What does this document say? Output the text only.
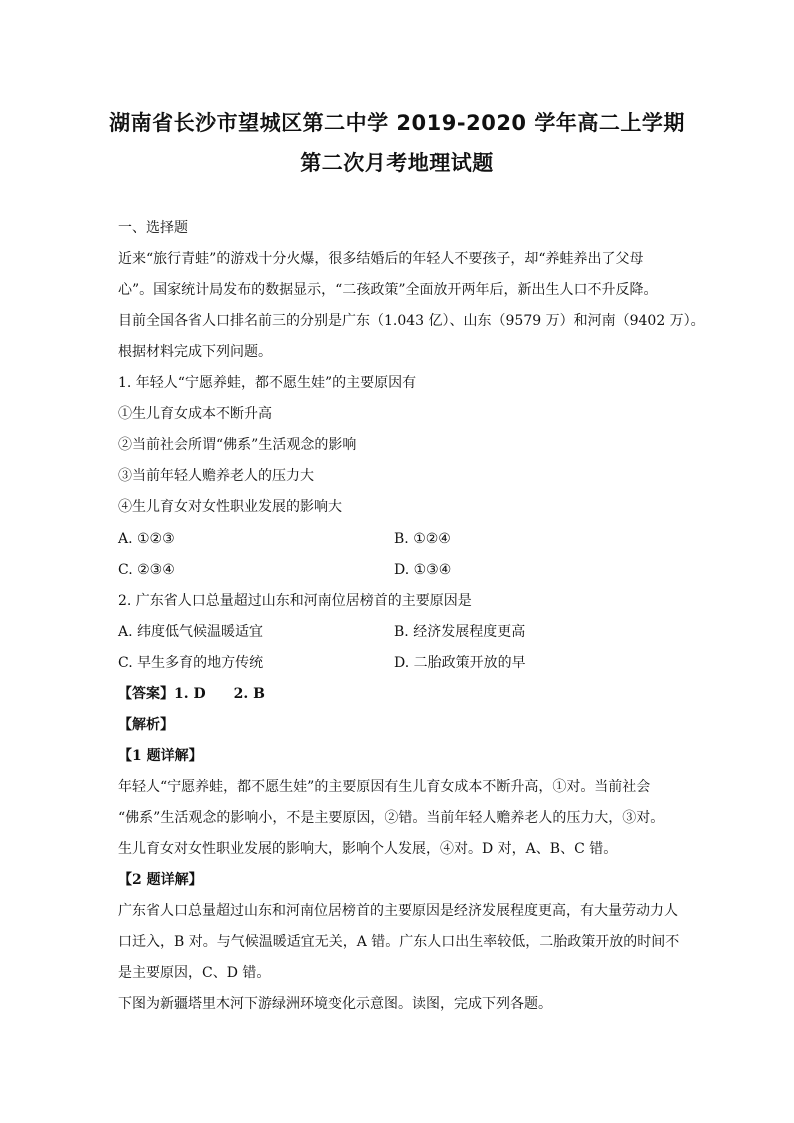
湖南省长沙市望城区第二中学 2019-2020 学年高二上学期
第二次月考地理试题
一、选择题
近来“旅行青蛙”的游戏十分火爆，很多结婚后的年轻人不要孩子，却“养蛙养出了父母
心”。国家统计局发布的数据显示，“二孩政策”全面放开两年后，新出生人口不升反降。
目前全国各省人口排名前三的分别是广东（1.043 亿）、山东（9579 万）和河南（9402 万）。
根据材料完成下列问题。
1. 年轻人“宁愿养蛙，都不愿生娃”的主要原因有
①生儿育女成本不断升高
②当前社会所谓“佛系”生活观念的影响
③当前年轻人赡养老人的压力大
④生儿育女对女性职业发展的影响大
A. ①②③	B. ①②④
C. ②③④	D. ①③④
2. 广东省人口总量超过山东和河南位居榜首的主要原因是
A. 纬度低气候温暖适宜	B. 经济发展程度更高
C. 早生多育的地方传统	D. 二胎政策开放的早
【答案】1. D　　2. B
【解析】
【1 题详解】
年轻人“宁愿养蛙，都不愿生娃”的主要原因有生儿育女成本不断升高，①对。当前社会
“佛系”生活观念的影响小，不是主要原因，②错。当前年轻人赡养老人的压力大，③对。
生儿育女对女性职业发展的影响大，影响个人发展，④对。D 对，A、B、C 错。
【2 题详解】
广东省人口总量超过山东和河南位居榜首的主要原因是经济发展程度更高，有大量劳动力人
口迁入，B 对。与气候温暖适宜无关，A 错。广东人口出生率较低，二胎政策开放的时间不
是主要原因，C、D 错。
下图为新疆塔里木河下游绿洲环境变化示意图。读图，完成下列各题。
